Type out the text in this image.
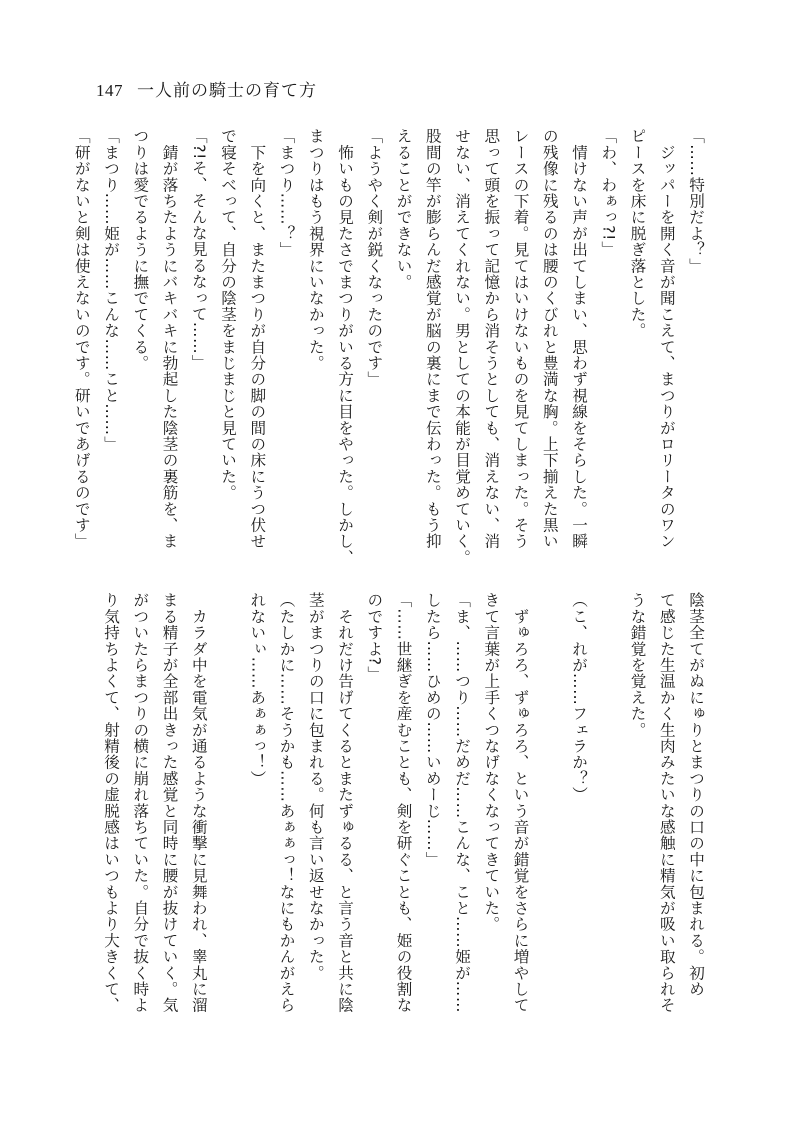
147 一人前の騎士の育て方
「……特別だよ？」
　ジッパーを開く音が聞こえて、まつりがロリータのワン
ピースを床に脱ぎ落とした。
「わ、わぁっ?!」
　情けない声が出てしまい、思わず視線をそらした。一瞬
の残像に残るのは腰のくびれと豊満な胸。上下揃えた黒い
レースの下着。見てはいけないものを見てしまった。そう
思って頭を振って記憶から消そうとしても、消えない、消
せない、消えてくれない。男としての本能が目覚めていく。
股間の竿が膨らんだ感覚が脳の裏にまで伝わった。もう抑
えることができない。
「ようやく剣が鋭くなったのです」
　怖いもの見たさでまつりがいる方に目をやった。しかし、
まつりはもう視界にいなかった。
「まつり……？」
　下を向くと、またまつりが自分の脚の間の床にうつ伏せ
で寝そべって、自分の陰茎をまじまじと見ていた。
「?!そ、そんな見るなって……」
　錆が落ちたようにバキバキに勃起した陰茎の裏筋を、ま
つりは愛でるように撫でてくる。
「まつり……姫が……こんな……こと……」
「研がないと剣は使えないのです。研いであげるのです」
陰茎全てがぬにゅりとまつりの口の中に包まれる。初め
て感じた生温かく生肉みたいな感触に精気が吸い取られそ
うな錯覚を覚えた。

（こ、れが……フェラか？）

　ずゅろろ、ずゅろろ、という音が錯覚をさらに増やして
きて言葉が上手くつなげなくなってきていた。
「ま、……つり……だめだ……こんな、こと……姫が……
したら……ひめの……いめーじ……」
「……世継ぎを産むことも、剣を研ぐことも、姫の役割な
のですよ?」
　それだけ告げてくるとまたずゅるる、と言う音と共に陰
茎がまつりの口に包まれる。何も言い返せなかった。
（たしかに……そうかも……あぁぁっ！なにもかんがえら
れないぃ……あぁぁっ！）

　カラダ中を電気が通るような衝撃に見舞われ、睾丸に溜
まる精子が全部出きった感覚と同時に腰が抜けていく。気
がついたらまつりの横に崩れ落ちていた。自分で抜く時よ
り気持ちよくて、射精後の虚脱感はいつもより大きくて、
